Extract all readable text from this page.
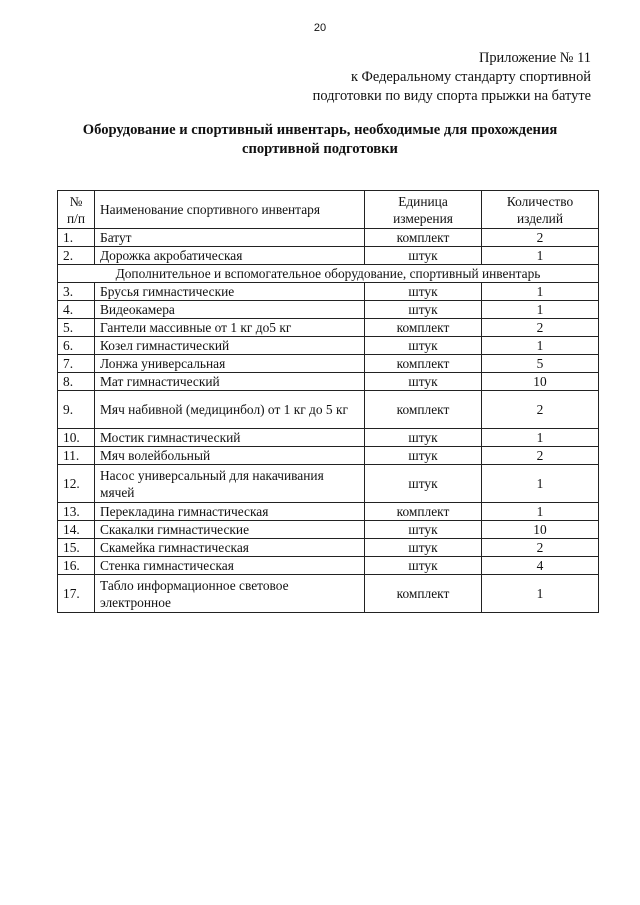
20
Приложение № 11
к Федеральному стандарту спортивной
подготовки по виду спорта прыжки на батуте
Оборудование и спортивный инвентарь, необходимые для прохождения
спортивной подготовки
№ п/п	Наименование спортивного инвентаря	Единица измерения	Количество изделий
1.	Батут	комплект	2
2.	Дорожка акробатическая	штук	1
Дополнительное и вспомогательное оборудование, спортивный инвентарь			
3.	Брусья гимнастические	штук	1
4.	Видеокамера	штук	1
5.	Гантели массивные от 1 кг до5 кг	комплект	2
6.	Козел гимнастический	штук	1
7.	Лонжа универсальная	комплект	5
8.	Мат гимнастический	штук	10
9.	Мяч набивной (медицинбол) от 1 кг до 5 кг	комплект	2
10.	Мостик гимнастический	штук	1
11.	Мяч волейбольный	штук	2
12.	Насос универсальный для накачивания мячей	штук	1
13.	Перекладина гимнастическая	комплект	1
14.	Скакалки гимнастические	штук	10
15.	Скамейка гимнастическая	штук	2
16.	Стенка гимнастическая	штук	4
17.	Табло информационное световое электронное	комплект	1
